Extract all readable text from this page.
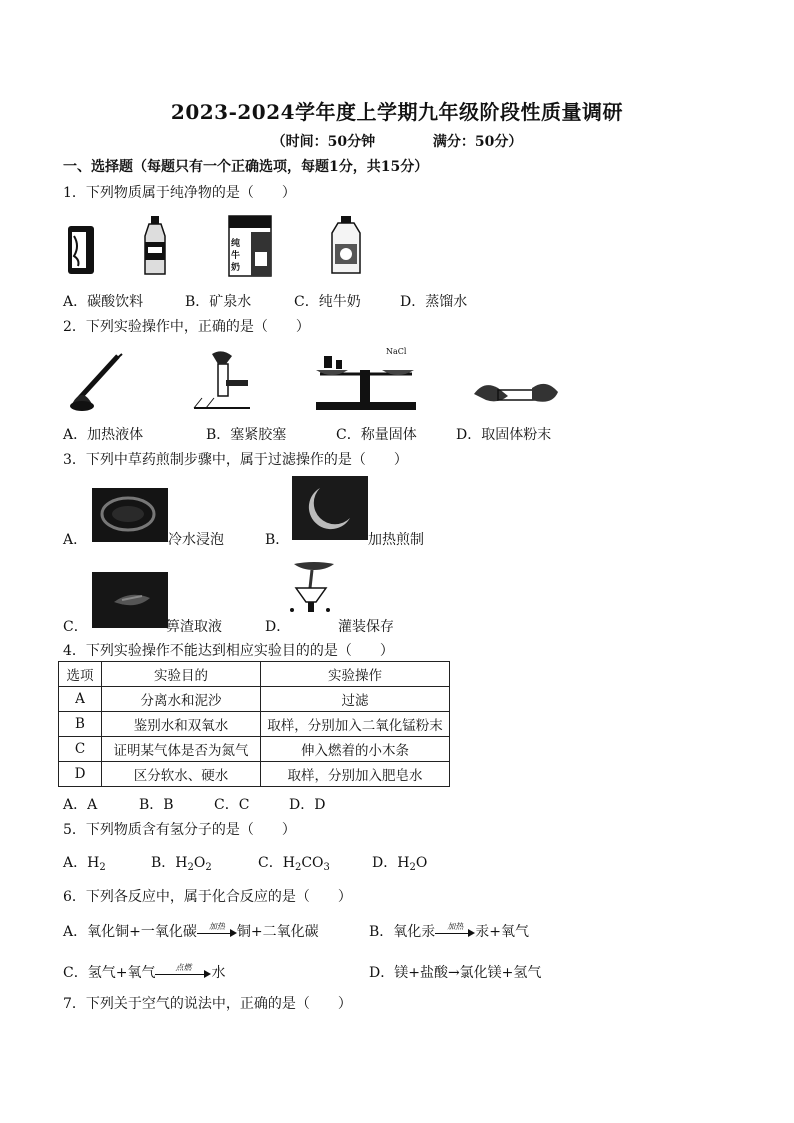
2023-2024学年度上学期九年级阶段性质量调研
（时间：50分钟	满分：50分）
一、选择题（每题只有一个正确选项，每题1分，共15分）
1．下列物质属于纯净物的是（　　）
纯
牛
奶
A．碳酸饮料	B．矿泉水	C．纯牛奶	D．蒸馏水
2．下列实验操作中，正确的是（　　）
NaCl
A．加热液体	B．塞紧胶塞	C．称量固体	D．取固体粉末
3．下列中草药煎制步骤中，属于过滤操作的是（　　）
A．	冷水浸泡	B．	加热煎制
C．	箅渣取液	D．	灌装保存
4．下列实验操作不能达到相应实验目的的是（　　）
选项	实验目的	实验操作
A	分离水和泥沙	过滤
B	鉴别水和双氧水	取样，分别加入二氧化锰粉末
C	证明某气体是否为氮气	伸入燃着的小木条
D	区分软水、硬水	取样，分别加入肥皂水
A．A	B．B	C．C	D．D
5．下列物质含有氢分子的是（　　）
A．$H_2$	B．$H_2O_2$	C．$H_2CO_3$	D．$H_2O$
6．下列各反应中，属于化合反应的是（　　）
A．氧化铜+一氧化碳	加热 铜+二氧化碳	B．氧化汞	加热 汞+氧气
C．氢气+氧气	点燃	水	D．镁+盐酸→氯化镁+氢气
7．下列关于空气的说法中，正确的是（　　）
